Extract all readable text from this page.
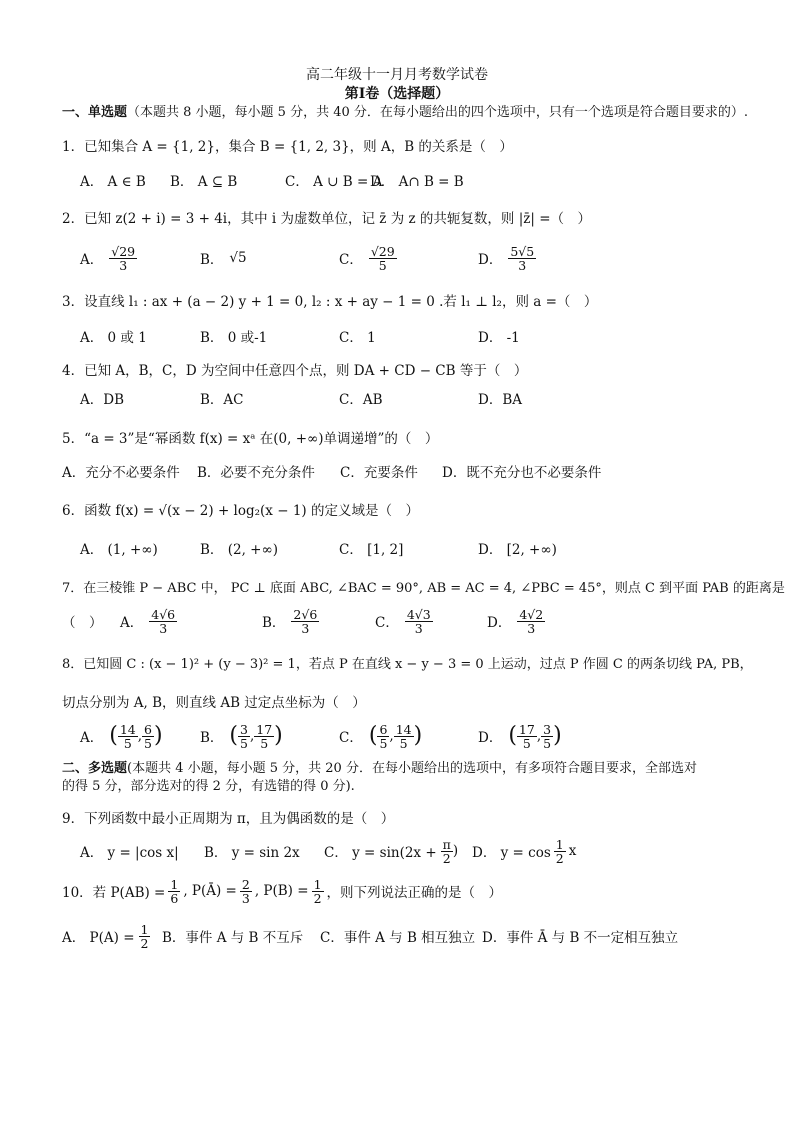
高二年级十一月月考数学试卷
第Ⅰ卷（选择题）
一、单选题（本题共 8 小题，每小题 5 分，共 40 分．在每小题给出的四个选项中，只有一个选项是符合题目要求的）.
1．已知集合 A = {1, 2}，集合 B = {1, 2, 3}，则 A，B 的关系是（　）
A． A ∈ B B． A ⊆ B	C． A ∪ B = A
D． A∩ B = B
2．已知 z(2 + i) = 3 + 4i，其中 i 为虚数单位，记 z̄ 为 z 的共轭复数，则 |z̄| =（　）
A． $\frac{√29}{3}$	B． √5	C． $\frac{√29}{5}$	D． $\frac{5√5}{3}$
3．设直线 l₁ : ax + (a − 2) y + 1 = 0, l₂ : x + ay − 1 = 0 .若 l₁ ⊥ l₂，则 a =（　）
A． 0 或 1	B． 0 或-1	C． 1	D． -1
4．已知 A，B，C，D 为空间中任意四个点，则 DA + CD − CB 等于（　）
A．DB	B．AC	C．AB	D．BA
5．“a = 3”是“幂函数 f(x) = xᵃ 在(0, +∞)单调递增”的（　）
A．充分不必要条件 B．必要不充分条件 C．充要条件 D．既不充分也不必要条件
6．函数 f(x) = √(x − 2) + log₂(x − 1) 的定义域是（　）
A． (1, +∞)	B． (2, +∞)	C． [1, 2]	D． [2, +∞)
7．在三棱锥 P − ABC 中， PC ⊥ 底面 ABC, ∠BAC = 90°, AB = AC = 4, ∠PBC = 45°，则点 C 到平面 PAB 的距离是
（　） A． $\frac{4√6}{3}$	B． $\frac{2√6}{3}$	C． $\frac{4√3}{3}$	D． $\frac{4√2}{3}$
8．已知圆 C : (x − 1)² + (y − 3)² = 1，若点 P 在直线 x − y − 3 = 0 上运动，过点 P 作圆 C 的两条切线 PA, PB，
切点分别为 A, B，则直线 AB 过定点坐标为（　）
A． ( $\frac{14}{5}$ , $\frac{6}{5}$ )	B． ( $\frac{3}{5}$ , $\frac{17}{5}$ )	C． ( $\frac{6}{5}$ , $\frac{14}{5}$ )	D． ( $\frac{17}{5}$ , $\frac{3}{5}$ )
二、多选题(本题共 4 小题，每小题 5 分，共 20 分．在每小题给出的选项中，有多项符合题目要求，全部选对
的得 5 分，部分选对的得 2 分，有选错的得 0 分).
9．下列函数中最小正周期为 π，且为偶函数的是（　）
A． y = |cos x| B． y = sin 2x C． $y = \sin(2x + \frac{\pi}{2}$ ) D． $y = \cos \frac{1}{2}$ x
10．若 $P(AB) = \frac{1}{6}$ , P(Ā) = $\frac{2}{3}$ , $P(B) = \frac{1}{2}$ ，则下列说法正确的是（　）
A． $P(A) = \frac{1}{2}$ B．事件 A 与 B 不互斥 C．事件 A 与 B 相互独立 D．事件 Ā 与 B 不一定相互独立
